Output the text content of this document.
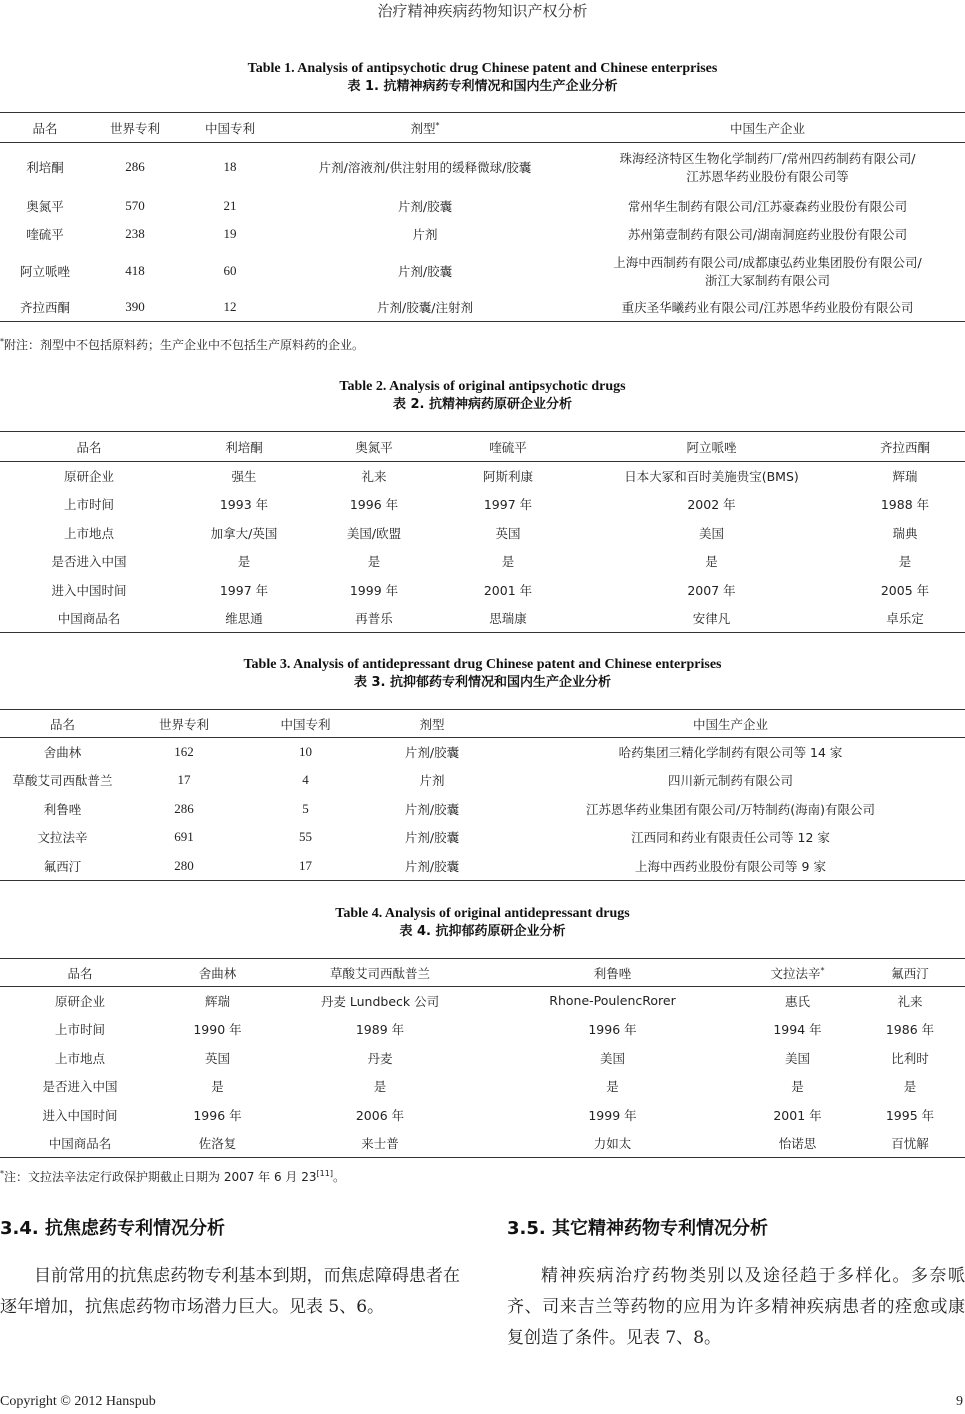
治疗精神疾病药物知识产权分析
Table 1. Analysis of antipsychotic drug Chinese patent and Chinese enterprises
表 1. 抗精神病药专利情况和国内生产企业分析
品名	世界专利	中国专利	剂型*	中国生产企业
利培酮	286	18	片剂/溶液剂/供注射用的缓释微球/胶囊	珠海经济特区生物化学制药厂/常州四药制药有限公司/
江苏恩华药业股份有限公司等

奥氮平	570	21	片剂/胶囊	常州华生制药有限公司/江苏豪森药业股份有限公司
喹硫平	238	19	片剂	苏州第壹制药有限公司/湖南洞庭药业股份有限公司
阿立哌唑	418	60	片剂/胶囊	上海中西制药有限公司/成都康弘药业集团股份有限公司/
浙江大冢制药有限公司

齐拉西酮	390	12	片剂/胶囊/注射剂	重庆圣华曦药业有限公司/江苏恩华药业股份有限公司
*附注：剂型中不包括原料药；生产企业中不包括生产原料药的企业。
Table 2. Analysis of original antipsychotic drugs
表 2. 抗精神病药原研企业分析
品名	利培酮	奥氮平	喹硫平	阿立哌唑	齐拉西酮
原研企业	强生	礼来	阿斯利康	日本大冢和百时美施贵宝(BMS)	辉瑞
上市时间	1993 年	1996 年	1997 年	2002 年	1988 年
上市地点	加拿大/英国	美国/欧盟	英国	美国	瑞典
是否进入中国	是	是	是	是	是
进入中国时间	1997 年	1999 年	2001 年	2007 年	2005 年
中国商品名	维思通	再普乐	思瑞康	安律凡	卓乐定
Table 3. Analysis of antidepressant drug Chinese patent and Chinese enterprises
表 3. 抗抑郁药专利情况和国内生产企业分析
品名	世界专利	中国专利	剂型	中国生产企业
舍曲林	162	10	片剂/胶囊	哈药集团三精化学制药有限公司等 14 家
草酸艾司西酞普兰	17	4	片剂	四川新元制药有限公司
利鲁唑	286	5	片剂/胶囊	江苏恩华药业集团有限公司/万特制药(海南)有限公司
文拉法辛	691	55	片剂/胶囊	江西同和药业有限责任公司等 12 家
氟西汀	280	17	片剂/胶囊	上海中西药业股份有限公司等 9 家
Table 4. Analysis of original antidepressant drugs
表 4. 抗抑郁药原研企业分析
品名	舍曲林	草酸艾司西酞普兰	利鲁唑	文拉法辛*	氟西汀
原研企业	辉瑞	丹麦 Lundbeck 公司	Rhone-PoulencRorer	惠氏	礼来
上市时间	1990 年	1989 年	1996 年	1994 年	1986 年
上市地点	英国	丹麦	美国	美国	比利时
是否进入中国	是	是	是	是	是
进入中国时间	1996 年	2006 年	1999 年	2001 年	1995 年
中国商品名	佐洛复	来士普	力如太	怡诺思	百忧解
*注：文拉法辛法定行政保护期截止日期为 2007 年 6 月 23[11]。
3.4. 抗焦虑药专利情况分析
目前常用的抗焦虑药物专利基本到期，而焦虑障碍患者在逐年增加，抗焦虑药物市场潜力巨大。见表 5、6。
3.5. 其它精神药物专利情况分析
精神疾病治疗药物类别以及途径趋于多样化。多奈哌齐、司来吉兰等药物的应用为许多精神疾病患者的痊愈或康复创造了条件。见表 7、8。
Copyright © 2012 Hanspub	9
